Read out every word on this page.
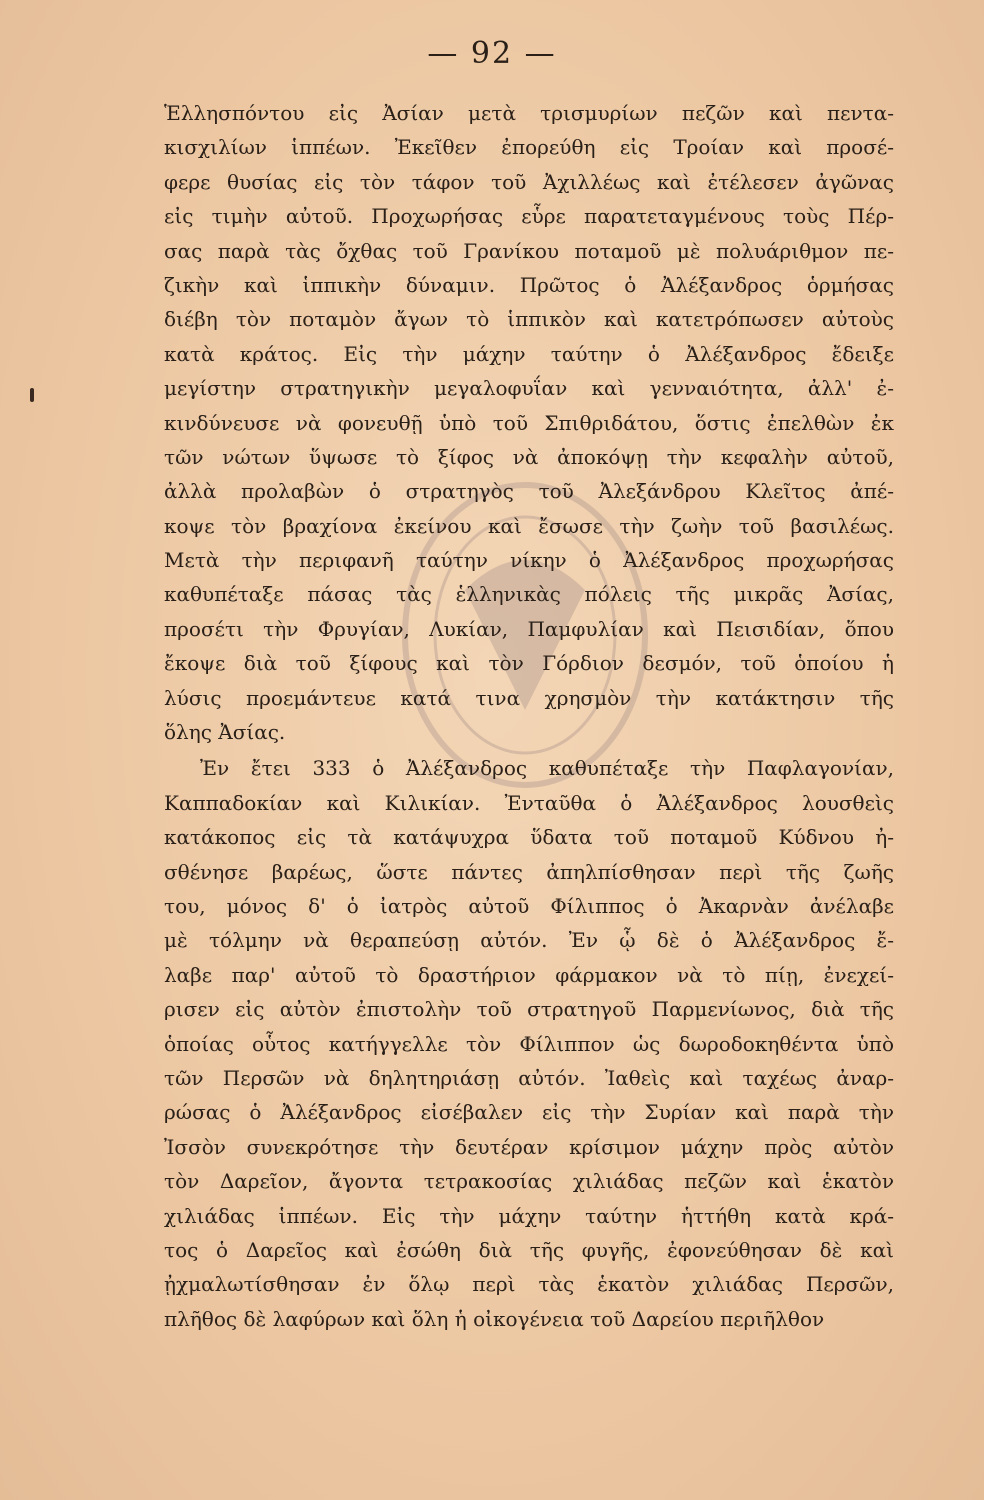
— 92 —
Ἑλλησπόντου εἰς Ἀσίαν μετὰ τρισμυρίων πεζῶν καὶ πεντα-
κισχιλίων ἱππέων. Ἐκεῖθεν ἐπορεύθη εἰς Τροίαν καὶ προσέ-
φερε θυσίας εἰς τὸν τάφον τοῦ Ἀχιλλέως καὶ ἐτέλεσεν ἀγῶνας
εἰς τιμὴν αὐτοῦ. Προχωρήσας εὗρε παρατεταγμένους τοὺς Πέρ-
σας παρὰ τὰς ὄχθας τοῦ Γρανίκου ποταμοῦ μὲ πολυάριθμον πε-
ζικὴν καὶ ἱππικὴν δύναμιν. Πρῶτος ὁ Ἀλέξανδρος ὁρμήσας
διέβη τὸν ποταμὸν ἄγων τὸ ἱππικὸν καὶ κατετρόπωσεν αὐτοὺς
κατὰ κράτος. Εἰς τὴν μάχην ταύτην ὁ Ἀλέξανδρος ἔδειξε
μεγίστην στρατηγικὴν μεγαλοφυΐαν καὶ γενναιότητα, ἀλλ' ἐ-
κινδύνευσε νὰ φονευθῇ ὑπὸ τοῦ Σπιθριδάτου, ὅστις ἐπελθὼν ἐκ
τῶν νώτων ὕψωσε τὸ ξίφος νὰ ἀποκόψῃ τὴν κεφαλὴν αὐτοῦ,
ἀλλὰ προλαβὼν ὁ στρατηγὸς τοῦ Ἀλεξάνδρου Κλεῖτος ἀπέ-
κοψε τὸν βραχίονα ἐκείνου καὶ ἔσωσε τὴν ζωὴν τοῦ βασιλέως.
Μετὰ τὴν περιφανῆ ταύτην νίκην ὁ Ἀλέξανδρος προχωρήσας
καθυπέταξε πάσας τὰς ἑλληνικὰς πόλεις τῆς μικρᾶς Ἀσίας,
προσέτι τὴν Φρυγίαν, Λυκίαν, Παμφυλίαν καὶ Πεισιδίαν, ὅπου
ἔκοψε διὰ τοῦ ξίφους καὶ τὸν Γόρδιον δεσμόν, τοῦ ὁποίου ἡ
λύσις προεμάντευε κατά τινα χρησμὸν τὴν κατάκτησιν τῆς
ὅλης Ἀσίας.
Ἐν ἔτει 333 ὁ Ἀλέξανδρος καθυπέταξε τὴν Παφλαγονίαν,
Καππαδοκίαν καὶ Κιλικίαν. Ἐνταῦθα ὁ Ἀλέξανδρος λουσθεὶς
κατάκοπος εἰς τὰ κατάψυχρα ὕδατα τοῦ ποταμοῦ Κύδνου ἠ-
σθένησε βαρέως, ὥστε πάντες ἀπηλπίσθησαν περὶ τῆς ζωῆς
του, μόνος δ' ὁ ἰατρὸς αὐτοῦ Φίλιππος ὁ Ἀκαρνὰν ἀνέλαβε
μὲ τόλμην νὰ θεραπεύσῃ αὐτόν. Ἐν ᾧ δὲ ὁ Ἀλέξανδρος ἔ-
λαβε παρ' αὐτοῦ τὸ δραστήριον φάρμακον νὰ τὸ πίῃ, ἐνεχεί-
ρισεν εἰς αὐτὸν ἐπιστολὴν τοῦ στρατηγοῦ Παρμενίωνος, διὰ τῆς
ὁποίας οὗτος κατήγγελλε τὸν Φίλιππον ὡς δωροδοκηθέντα ὑπὸ
τῶν Περσῶν νὰ δηλητηριάσῃ αὐτόν. Ἰαθεὶς καὶ ταχέως ἀναρ-
ρώσας ὁ Ἀλέξανδρος εἰσέβαλεν εἰς τὴν Συρίαν καὶ παρὰ τὴν
Ἰσσὸν συνεκρότησε τὴν δευτέραν κρίσιμον μάχην πρὸς αὐτὸν
τὸν Δαρεῖον, ἄγοντα τετρακοσίας χιλιάδας πεζῶν καὶ ἑκατὸν
χιλιάδας ἱππέων. Εἰς τὴν μάχην ταύτην ἡττήθη κατὰ κρά-
τος ὁ Δαρεῖος καὶ ἐσώθη διὰ τῆς φυγῆς, ἐφονεύθησαν δὲ καὶ
ᾐχμαλωτίσθησαν ἐν ὅλῳ περὶ τὰς ἑκατὸν χιλιάδας Περσῶν,
πλῆθος δὲ λαφύρων καὶ ὅλη ἡ οἰκογένεια τοῦ Δαρείου περιῆλθον
